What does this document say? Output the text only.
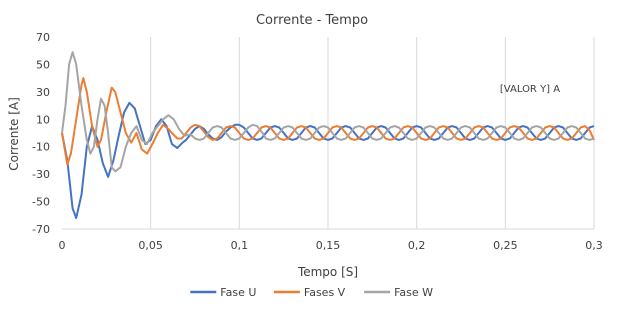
Corrente - Tempo
-70
-50
-30
-10
10
30
50
70
0	0,05	0,1	0,15	0,2	0,25	0,3
[VALOR Y] A
Tempo [S]
Corrente [A]
Fase U	Fases V	Fase W
